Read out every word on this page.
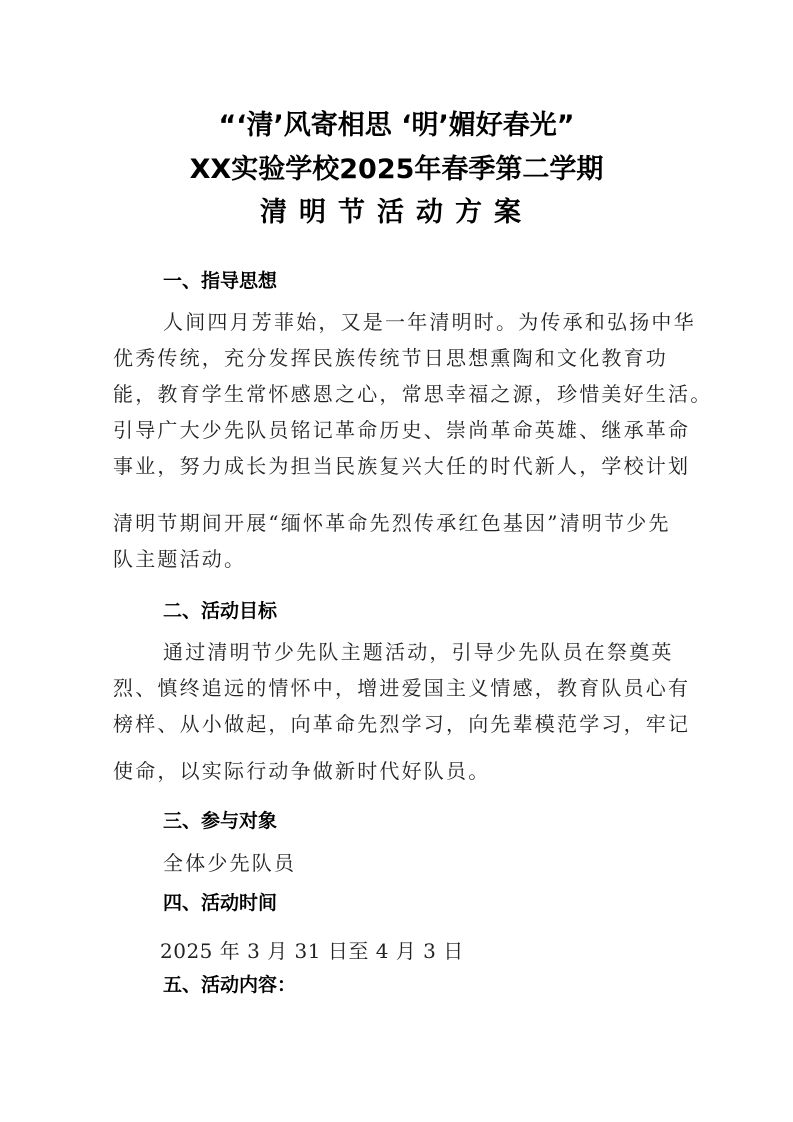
“‘清’风寄相思 ‘明’媚好春光”
XX实验学校2025年春季第二学期
清明节活动方案
一、指导思想
人间四月芳菲始，又是一年清明时。为传承和弘扬中华
优秀传统，充分发挥民族传统节日思想熏陶和文化教育功
能，教育学生常怀感恩之心，常思幸福之源，珍惜美好生活。
引导广大少先队员铭记革命历史、崇尚革命英雄、继承革命
事业，努力成长为担当民族复兴大任的时代新人，学校计划
清明节期间开展“缅怀革命先烈传承红色基因”清明节少先
队主题活动。
二、活动目标
通过清明节少先队主题活动，引导少先队员在祭奠英
烈、慎终追远的情怀中，增进爱国主义情感，教育队员心有
榜样、从小做起，向革命先烈学习，向先辈模范学习，牢记
使命，以实际行动争做新时代好队员。
三、参与对象
全体少先队员
四、活动时间
2025 年 3 月 31 日至 4 月 3 日
五、活动内容：
